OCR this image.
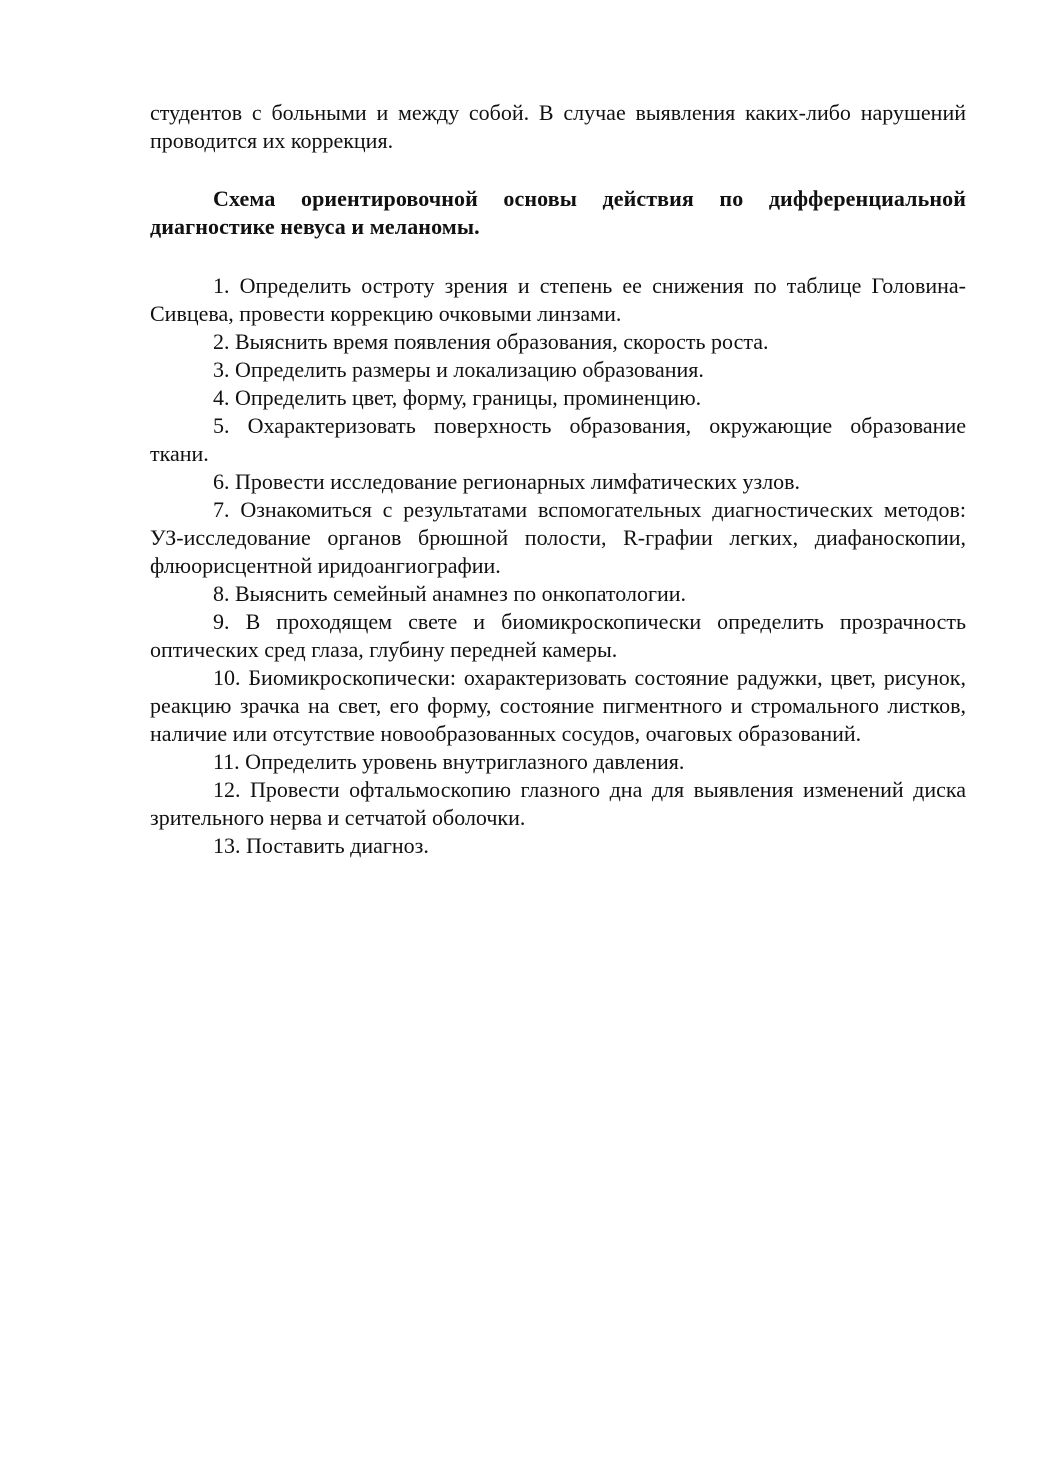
студентов с больными и между собой. В случае выявления каких-либо нарушений проводится их коррекция.

Схема ориентировочной основы действия по дифференциальной диагностике невуса и меланомы.

1. Определить остроту зрения и степень ее снижения по таблице Головина-Сивцева, провести коррекцию очковыми линзами.

2. Выяснить время появления образования, скорость роста.

3. Определить размеры и локализацию образования.

4. Определить цвет, форму, границы, проминенцию.

5. Охарактеризовать поверхность образования, окружающие образование ткани.

6. Провести исследование регионарных лимфатических узлов.

7. Ознакомиться с результатами вспомогательных диагностических методов: УЗ-исследование органов брюшной полости, R-графии легких, диафаноскопии, флюорисцентной иридоангиографии.

8. Выяснить семейный анамнез по онкопатологии.

9. В проходящем свете и биомикроскопически определить прозрачность оптических сред глаза, глубину передней камеры.

10. Биомикроскопически: охарактеризовать состояние радужки, цвет, рисунок, реакцию зрачка на свет, его форму, состояние пигментного и стромального листков, наличие или отсутствие новообразованных сосудов, очаговых образований.

11. Определить уровень внутриглазного давления.

12. Провести офтальмоскопию глазного дна для выявления изменений диска зрительного нерва и сетчатой оболочки.

13. Поставить диагноз.
